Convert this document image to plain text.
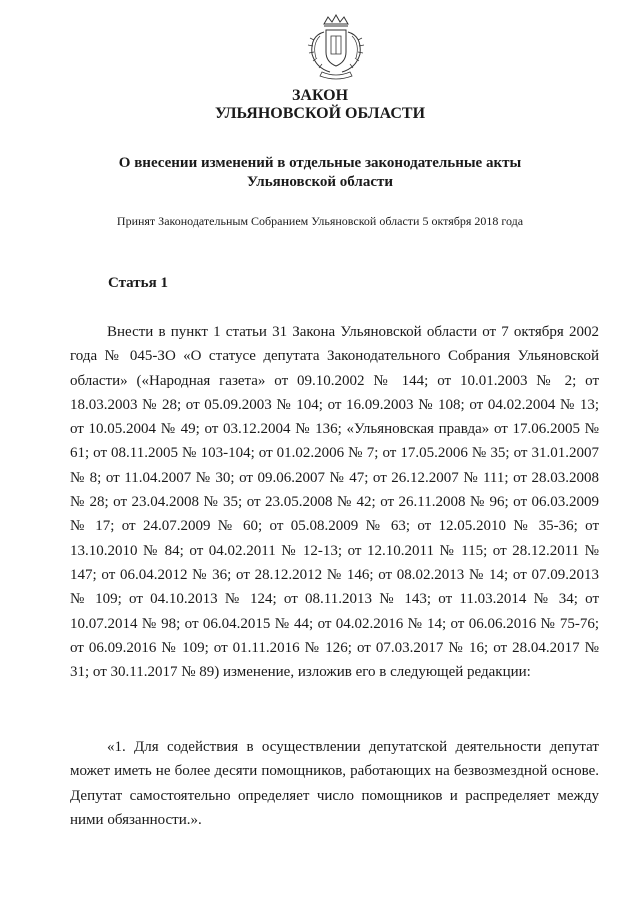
ЗАКОН
УЛЬЯНОВСКОЙ ОБЛАСТИ
О внесении изменений в отдельные законодательные акты
Ульяновской области
Принят Законодательным Собранием Ульяновской области 5 октября 2018 года
Статья 1

Внести в пункт 1 статьи 31 Закона Ульяновской области от 7 октября 2002 года № 045-ЗО «О статусе депутата Законодательного Собрания Ульяновской области» («Народная газета» от 09.10.2002 № 144; от 10.01.2003 № 2; от 18.03.2003 № 28; от 05.09.2003 № 104; от 16.09.2003 № 108; от 04.02.2004 № 13; от 10.05.2004 № 49; от 03.12.2004 № 136; «Ульяновская правда» от 17.06.2005 № 61; от 08.11.2005 № 103-104; от 01.02.2006 № 7; от 17.05.2006 № 35; от 31.01.2007 № 8; от 11.04.2007 № 30; от 09.06.2007 № 47; от 26.12.2007 № 111; от 28.03.2008 № 28; от 23.04.2008 № 35; от 23.05.2008 № 42; от 26.11.2008 № 96; от 06.03.2009 № 17; от 24.07.2009 № 60; от 05.08.2009 № 63; от 12.05.2010 № 35-36; от 13.10.2010 № 84; от 04.02.2011 № 12-13; от 12.10.2011 № 115; от 28.12.2011 № 147; от 06.04.2012 № 36; от 28.12.2012 № 146; от 08.02.2013 № 14; от 07.09.2013 № 109; от 04.10.2013 № 124; от 08.11.2013 № 143; от 11.03.2014 № 34; от 10.07.2014 № 98; от 06.04.2015 № 44; от 04.02.2016 № 14; от 06.06.2016 № 75-76; от 06.09.2016 № 109; от 01.11.2016 № 126; от 07.03.2017 № 16; от 28.04.2017 № 31; от 30.11.2017 № 89) изменение, изложив его в следующей редакции:

«1. Для содействия в осуществлении депутатской деятельности депутат может иметь не более десяти помощников, работающих на безвозмездной основе. Депутат самостоятельно определяет число помощников и распределяет между ними обязанности.».
